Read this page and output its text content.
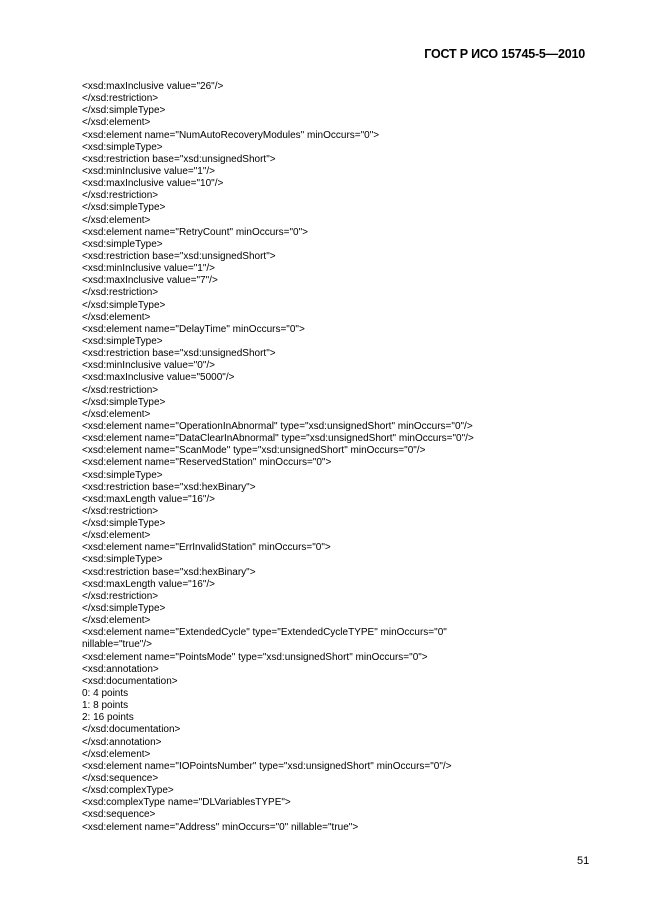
ГОСТ Р ИСО 15745-5—2010
<xsd:maxInclusive value="26"/>
</xsd:restriction>
</xsd:simpleType>
</xsd:element>
<xsd:element name="NumAutoRecoveryModules" minOccurs="0">
<xsd:simpleType>
<xsd:restriction base="xsd:unsignedShort">
<xsd:minInclusive value="1"/>
<xsd:maxInclusive value="10"/>
</xsd:restriction>
</xsd:simpleType>
</xsd:element>
<xsd:element name="RetryCount" minOccurs="0">
<xsd:simpleType>
<xsd:restriction base="xsd:unsignedShort">
<xsd:minInclusive value="1"/>
<xsd:maxInclusive value="7"/>
</xsd:restriction>
</xsd:simpleType>
</xsd:element>
<xsd:element name="DelayTime" minOccurs="0">
<xsd:simpleType>
<xsd:restriction base="xsd:unsignedShort">
<xsd:minInclusive value="0"/>
<xsd:maxInclusive value="5000"/>
</xsd:restriction>
</xsd:simpleType>
</xsd:element>
<xsd:element name="OperationInAbnormal" type="xsd:unsignedShort" minOccurs="0"/>
<xsd:element name="DataClearInAbnormal" type="xsd:unsignedShort" minOccurs="0"/>
<xsd:element name="ScanMode" type="xsd:unsignedShort" minOccurs="0"/>
<xsd:element name="ReservedStation" minOccurs="0">
<xsd:simpleType>
<xsd:restriction base="xsd:hexBinary">
<xsd:maxLength value="16"/>
</xsd:restriction>
</xsd:simpleType>
</xsd:element>
<xsd:element name="ErrInvalidStation" minOccurs="0">
<xsd:simpleType>
<xsd:restriction base="xsd:hexBinary">
<xsd:maxLength value="16"/>
</xsd:restriction>
</xsd:simpleType>
</xsd:element>
<xsd:element name="ExtendedCycle" type="ExtendedCycleTYPE" minOccurs="0"
nillable="true"/>
<xsd:element name="PointsMode" type="xsd:unsignedShort" minOccurs="0">
<xsd:annotation>
<xsd:documentation>
0: 4 points
1: 8 points
2: 16 points
</xsd:documentation>
</xsd:annotation>
</xsd:element>
<xsd:element name="IOPointsNumber" type="xsd:unsignedShort" minOccurs="0"/>
</xsd:sequence>
</xsd:complexType>
<xsd:complexType name="DLVariablesTYPE">
<xsd:sequence>
<xsd:element name="Address" minOccurs="0" nillable="true">
51
